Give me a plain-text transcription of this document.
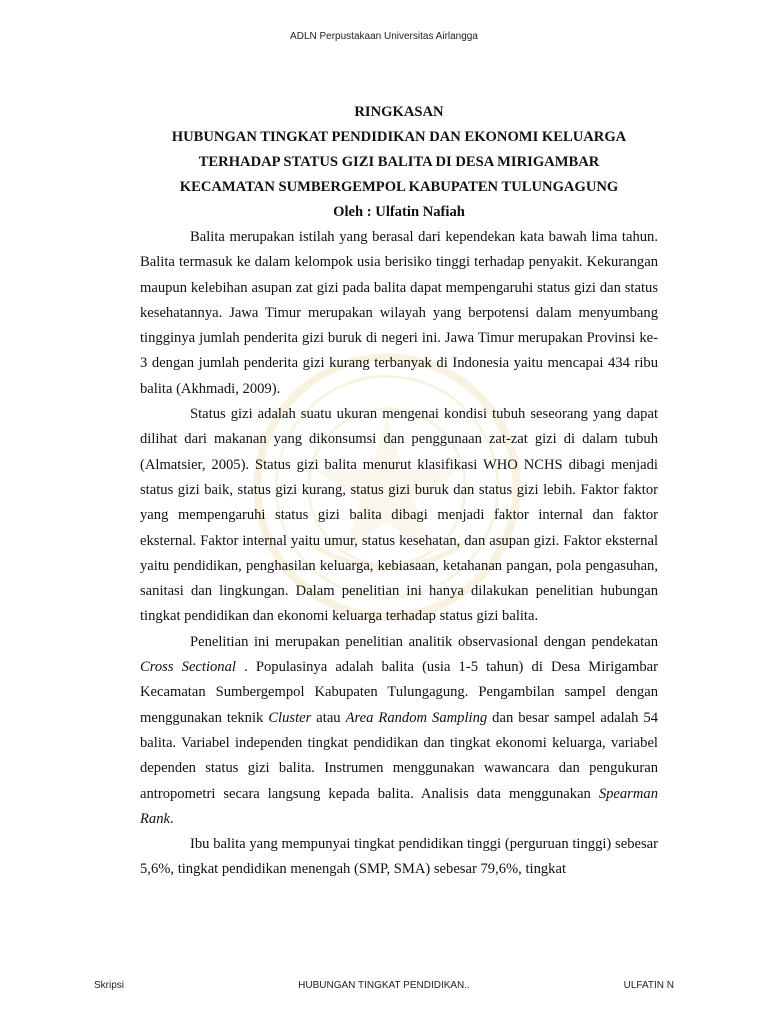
ADLN Perpustakaan Universitas Airlangga
RINGKASAN
HUBUNGAN TINGKAT PENDIDIKAN DAN EKONOMI KELUARGA
TERHADAP STATUS GIZI BALITA DI DESA MIRIGAMBAR
KECAMATAN SUMBERGEMPOL KABUPATEN TULUNGAGUNG
Oleh : Ulfatin Nafiah

Balita merupakan istilah yang berasal dari kependekan kata bawah lima tahun. Balita termasuk ke dalam kelompok usia berisiko tinggi terhadap penyakit. Kekurangan maupun kelebihan asupan zat gizi pada balita dapat mempengaruhi status gizi dan status kesehatannya. Jawa Timur merupakan wilayah yang berpotensi dalam menyumbang tingginya jumlah penderita gizi buruk di negeri ini. Jawa Timur merupakan Provinsi ke-3 dengan jumlah penderita gizi kurang terbanyak di Indonesia yaitu mencapai 434 ribu balita (Akhmadi, 2009).

Status gizi adalah suatu ukuran mengenai kondisi tubuh seseorang yang dapat dilihat dari makanan yang dikonsumsi dan penggunaan zat-zat gizi di dalam tubuh (Almatsier, 2005). Status gizi balita menurut klasifikasi WHO NCHS dibagi menjadi status gizi baik, status gizi kurang, status gizi buruk dan status gizi lebih. Faktor faktor yang mempengaruhi status gizi balita dibagi menjadi faktor internal dan faktor eksternal. Faktor internal yaitu umur, status kesehatan, dan asupan gizi. Faktor eksternal yaitu pendidikan, penghasilan keluarga, kebiasaan, ketahanan pangan, pola pengasuhan, sanitasi dan lingkungan. Dalam penelitian ini hanya dilakukan penelitian hubungan tingkat pendidikan dan ekonomi keluarga terhadap status gizi balita.

Penelitian ini merupakan penelitian analitik observasional dengan pendekatan Cross Sectional . Populasinya adalah balita (usia 1-5 tahun) di Desa Mirigambar Kecamatan Sumbergempol Kabupaten Tulungagung. Pengambilan sampel dengan menggunakan teknik Cluster atau Area Random Sampling dan besar sampel adalah 54 balita. Variabel independen tingkat pendidikan dan tingkat ekonomi keluarga, variabel dependen status gizi balita. Instrumen menggunakan wawancara dan pengukuran antropometri secara langsung kepada balita. Analisis data menggunakan Spearman Rank.

Ibu balita yang mempunyai tingkat pendidikan tinggi (perguruan tinggi) sebesar 5,6%, tingkat pendidikan menengah (SMP, SMA) sebesar 79,6%, tingkat

Skripsi	HUBUNGAN TINGKAT PENDIDIKAN..	ULFATIN N
